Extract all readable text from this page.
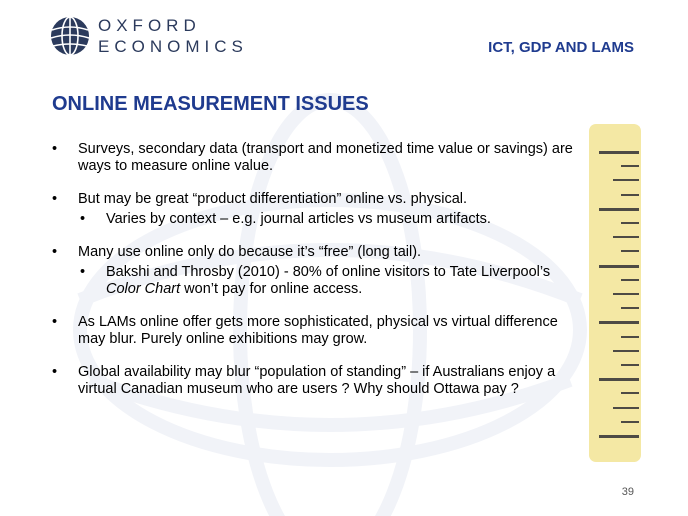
OXFORD
ECONOMICS	ICT, GDP AND LAMS
ONLINE MEASUREMENT ISSUES
• Surveys, secondary data (transport and monetized time value or savings) are ways to measure online value.
• But may be great “product differentiation” online vs. physical.
• Varies by context – e.g. journal articles vs museum artifacts.
• Many use online only do because it’s “free” (long tail).
• Bakshi and Throsby (2010) - 80% of online visitors to Tate Liverpool’s Color Chart won’t pay for online access.
• As LAMs online offer gets more sophisticated, physical vs virtual difference may blur. Purely online exhibitions may grow.
• Global availability may blur “population of standing” – if Australians enjoy a virtual Canadian museum who are users ? Why should Ottawa pay ?
39
